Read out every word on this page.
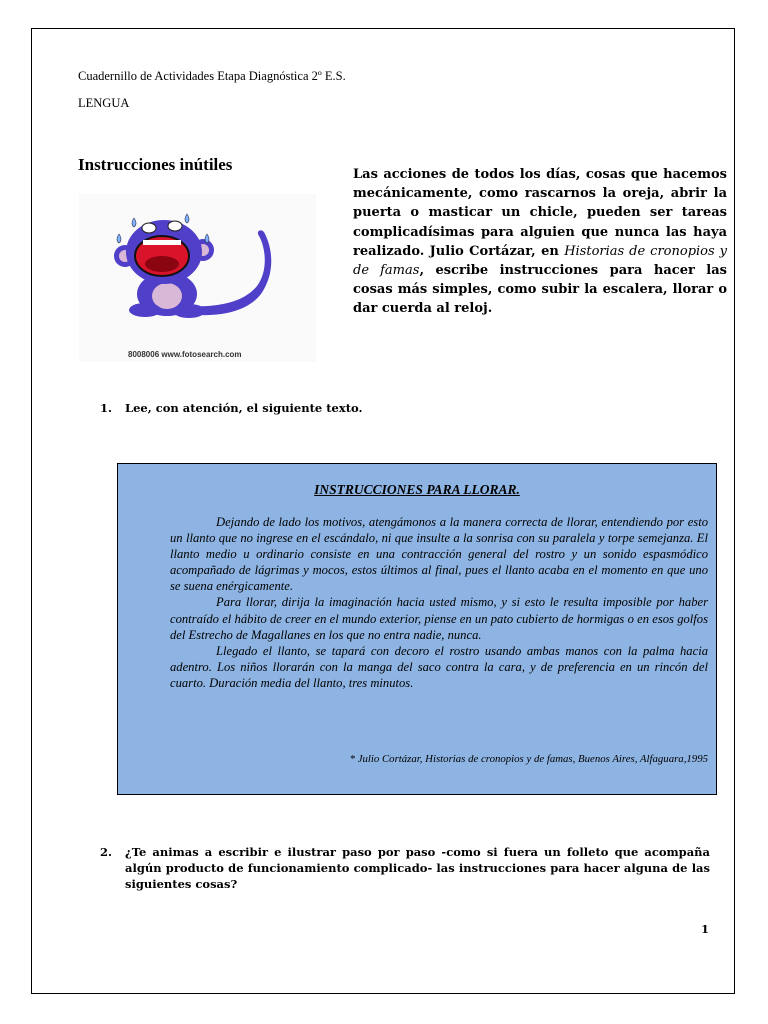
Cuadernillo de Actividades Etapa Diagnóstica 2º E.S.
LENGUA
Instrucciones inútiles
8008006 www.fotosearch.com
Las acciones de todos los días, cosas que hacemos mecánicamente, como rascarnos la oreja, abrir la puerta o masticar un chicle, pueden ser tareas complicadísimas para alguien que nunca las haya realizado. Julio Cortázar, en Historias de cronopios y de famas, escribe instrucciones para hacer las cosas más simples, como subir la escalera, llorar o dar cuerda al reloj.
1.	Lee, con atención, el siguiente texto.
INSTRUCCIONES PARA LLORAR.

Dejando de lado los motivos, atengámonos a la manera correcta de llorar, entendiendo por esto un llanto que no ingrese en el escándalo, ni que insulte a la sonrisa con su paralela y torpe semejanza. El llanto medio u ordinario consiste en una contracción general del rostro y un sonido espasmódico acompañado de lágrimas y mocos, estos últimos al final, pues el llanto acaba en el momento en que uno se suena enérgicamente.

Para llorar, dirija la imaginación hacia usted mismo, y si esto le resulta imposible por haber contraído el hábito de creer en el mundo exterior, piense en un pato cubierto de hormigas o en esos golfos del Estrecho de Magallanes en los que no entra nadie, nunca.

Llegado el llanto, se tapará con decoro el rostro usando ambas manos con la palma hacia adentro. Los niños llorarán con la manga del saco contra la cara, y de preferencia en un rincón del cuarto. Duración media del llanto, tres minutos.

* Julio Cortázar, Historias de cronopios y de famas, Buenos Aires, Alfaguara,1995
2.	¿Te animas a escribir e ilustrar paso por paso -como si fuera un folleto que acompaña algún producto de funcionamiento complicado- las instrucciones para hacer alguna de las siguientes cosas?
1
